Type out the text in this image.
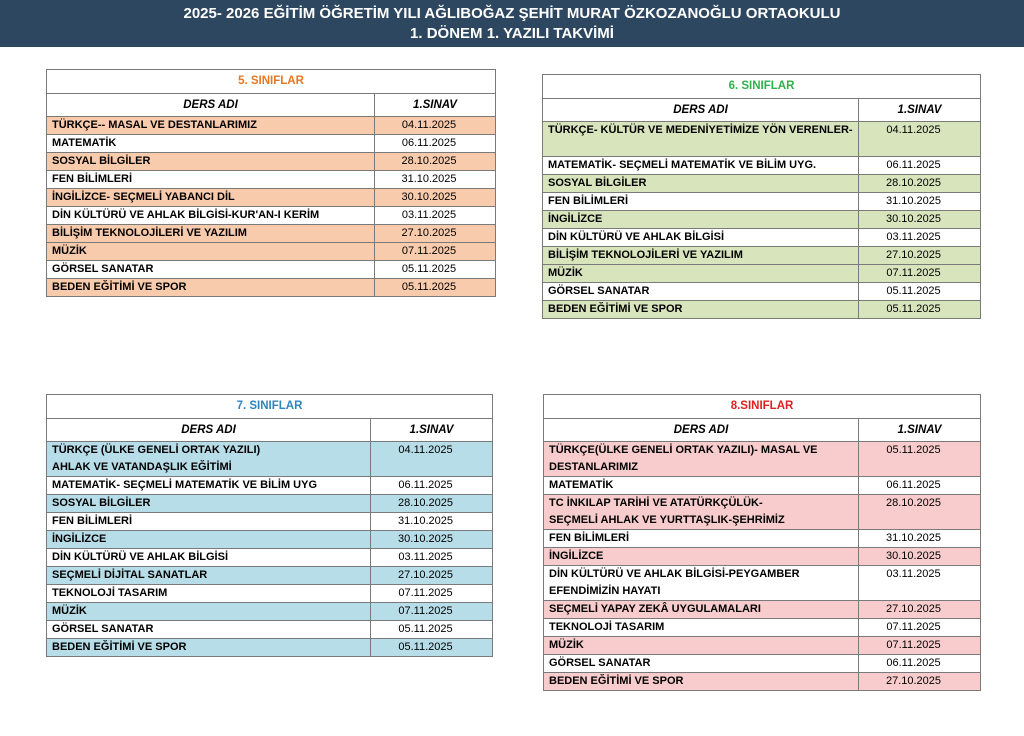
2025- 2026 EĞİTİM ÖĞRETİM YILI AĞLIBOĞAZ ŞEHİT MURAT ÖZKOZANOĞLU ORTAOKULU
1. DÖNEM 1. YAZILI TAKVİMİ
5. SINIFLAR	
DERS ADI	1.SINAV

TÜRKÇE-- MASAL VE DESTANLARIMIZ	04.11.2025

MATEMATİK	06.11.2025

SOSYAL BİLGİLER	28.10.2025

FEN BİLİMLERİ	31.10.2025

İNGİLİZCE- SEÇMELİ YABANCI DİL	30.10.2025

DİN KÜLTÜRÜ VE AHLAK BİLGİSİ-KUR'AN-I KERİM	03.11.2025

BİLİŞİM TEKNOLOJİLERİ VE YAZILIM	27.10.2025

MÜZİK	07.11.2025

GÖRSEL SANATAR	05.11.2025

BEDEN EĞİTİMİ VE SPOR	05.11.2025
6. SINIFLAR	
DERS ADI	1.SINAV

TÜRKÇE- KÜLTÜR VE MEDENİYETİMİZE YÖN VERENLER-	04.11.2025

MATEMATİK- SEÇMELİ MATEMATİK VE BİLİM UYG.	06.11.2025

SOSYAL BİLGİLER	28.10.2025

FEN BİLİMLERİ	31.10.2025

İNGİLİZCE	30.10.2025

DİN KÜLTÜRÜ VE AHLAK BİLGİSİ	03.11.2025

BİLİŞİM TEKNOLOJİLERİ VE YAZILIM	27.10.2025

MÜZİK	07.11.2025

GÖRSEL SANATAR	05.11.2025

BEDEN EĞİTİMİ VE SPOR	05.11.2025
7. SINIFLAR	
DERS ADI	1.SINAV

TÜRKÇE (ÜLKE GENELİ ORTAK YAZILI)
AHLAK VE VATANDAŞLIK EĞİTİMİ	04.11.2025

MATEMATİK- SEÇMELİ MATEMATİK VE BİLİM UYG	06.11.2025

SOSYAL BİLGİLER	28.10.2025

FEN BİLİMLERİ	31.10.2025

İNGİLİZCE	30.10.2025

DİN KÜLTÜRÜ VE AHLAK BİLGİSİ	03.11.2025

SEÇMELİ DİJİTAL SANATLAR	27.10.2025

TEKNOLOJİ TASARIM	07.11.2025

MÜZİK	07.11.2025

GÖRSEL SANATAR	05.11.2025

BEDEN EĞİTİMİ VE SPOR	05.11.2025
8.SINIFLAR	
DERS ADI	1.SINAV

TÜRKÇE(ÜLKE GENELİ ORTAK YAZILI)- MASAL VE
DESTANLARIMIZ	05.11.2025

MATEMATİK	06.11.2025

TC İNKILAP TARİHİ VE ATATÜRKÇÜLÜK-
SEÇMELİ AHLAK VE YURTTAŞLIK-ŞEHRİMİZ	28.10.2025

FEN BİLİMLERİ	31.10.2025

İNGİLİZCE	30.10.2025

DİN KÜLTÜRÜ VE AHLAK BİLGİSİ-PEYGAMBER
EFENDİMİZİN HAYATI	03.11.2025

SEÇMELİ YAPAY ZEKÂ UYGULAMALARI	27.10.2025

TEKNOLOJİ TASARIM	07.11.2025

MÜZİK	07.11.2025

GÖRSEL SANATAR	06.11.2025

BEDEN EĞİTİMİ VE SPOR	27.10.2025
